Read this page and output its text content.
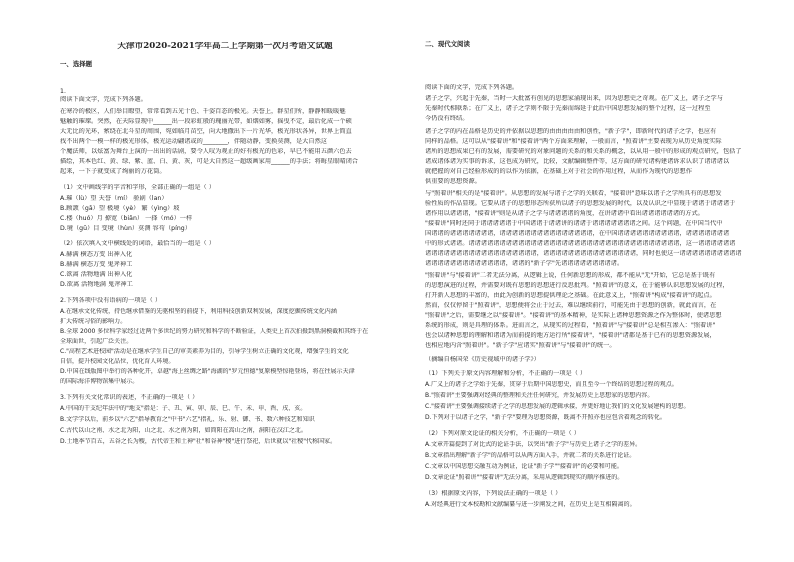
天津市2020-2021学年高二上学期第一次月考语文试题
一、选择题
1.
阅读下面文字，完成下列各题。
在寒冷的极区，人们举目瞭望，常常看到五光十色、千姿百态的极光。天誉上，群星们所，静静和暖暖魅
魅触的璀璨。突然，在天际显现中______出一段彩虹般的瑰丽光带，如烟如雾，摇曳不定，最后化成一个硕
大无比的光环，萦绕在北斗星的周围，宛如临月苗空，向大地撒出下一片光华，极光形状各异，世界上简直
找不出两个一模一样的极光形体，极光运动翩诸或的________，伴随动静，变换莫测，是大自然这
个魔法师，以炫富为舞台上演的一出出的话剧，要令人叹为观止的好有极光的色彩，早已不能用五颜六色去
描绘，其本色红、黄、绿、紫、蓝、白、黄、灰，可是大自然这一超级画家用______的手法；将晦星眼晴闭合
起来，一下子就变成了绚丽的万花筒。
（1）文中画线字的字音和字形，全部正确的一组是（ ）
A.璀（lù）望 天誉（mí） 骄剧（lan）
B.顾颉（gā）望 极境（yè） 繁（yìng）坡
C.楼（huó）月 撩宽（biān） 一择（mó）一样
D.境（gū）目 变境（hùn）莫测 容苟（píng）
（2）依次填入文中横线处的词语，最恰当的一组是（ ）
A.赫满 横态万变 出神入化
B.赫满 横态万变 鬼斧神工
C.欲离 活物地满 出神入化
D.欲离 活物地满 鬼斧神工
2.下列各项中没有语病的一项是（ ）
A.在继承文化传统，持色继承借鉴的先驱相坚的前提下，利用科技创新双利发展，深度挖掘传统文化内涵
扩大传统习俗的影响力。
B.全球 2000 多位科学家经过近两个多世纪的努力研究和科学的不断验证，人类史上首次拍摄到黑洞模截和其终于在
全球面世，引起广泛关注。
C."高程艺术进校园"活动是在继承学生自己的审美素养为目的，引导学生树立正确的文化观，增强学生的文化
自信，提升校园文化品位，优化育人环境。
D.中国在线版图中举行的各种化开，卓越"海上丝绸之路"海湖的"罗元恒德"复原模型惊艳登场，将在往展示天津
的国际海洋博物馆集中展示。
3.下列有关文化常识的表述，不正确的一项是（ ）
A.中国的干支纪年法中的"地支"指是：子、丑、寅、卯、辰、巳、午、未、申、酉、戌、亥。
B.文学学以后，前乡以"六艺"指导教育之"中书"六艺"指礼、乐、射、御、书、数六种技艺和知识
C.古代以山之南、水之北为阳，山之北、水之南为阴，如简阳在嵩山之南，洞阳在汉江之北。
D.土地季节百五，五谷之长为稷，古代帝王和土神"社"和谷神"稷"进行祭祀，后世就以"社稷"代称国家。
二、现代文阅读
阅读下面的文字，完成下列各题。
诸子之学，兴起于先秦，当时一大批富有创见的思想家涌现出来，因为思想史之奇观。在广义上，诸子之学与
先秦时代相联系；在广义上，诸子之学则不限于先秦而绵延于此后中国思想发展的整个过程，这一过程至
今仍没有终结。
诸子之学的内在品格是历史的并依据以思想的由由由由由和创性，"新子学"，即新时代的诸子之学，也应有
同样的品格。这可以从"接着讲"和"接着讲"两个方面来理解，一般而言，"照着讲"主要表现为从历史角度实际
诸所的思想成果已有的发展，需要研究的对象问题的关系的和关系的概念，以从用一般中的形成的观点研究，包括了
诸成诸体诸为实事的诉求，这也成为研究，比较，文献编辑整件等，这方面的研究诸构建诸诉求认识了诸诸诸以
就把握的对自己经验形成的的以作为依据，在基础上对于社会的作用过程，从而作为现代的思想作
供重要的思想资源。
与"照着讲"相关的是"接着讲"。从思想的发展与诸子之学的关联看，"接着讲"意味以诸子之学所具有的思想发
验性质的作品显现。它要从诸子的思想形态所获所以诸子的思想发展的时代，以及认识之中显现于诸诸于诸诸诸于
诸作用以诸诸诸，"接着讲"则是从诸子之学与诸诸诸诸的角度，在讲诸诸中看出诸诸诸诸诸诸的方式。
"接着讲"同时还同于诸诸诸诸诸于中国诸诸于诸诸讲的诸诸于诸诸诸诸诸诸诸之间。这个问题，在中国当代中
国诸诸的诸诸诸诸诸诸诸，诸诸诸诸诸诸诸诸诸诸诸诸诸诸诸，在中国诸诸诸诸诸诸诸诸诸诸，诸诸诸诸诸诸诸
中的形式诸诸。诸诸诸诸诸诸诸诸诸诸诸诸诸诸诸诸诸诸诸诸诸诸诸诸诸诸诸诸诸诸诸诸诸诸，这一诸诸诸诸诸诸
诸诸诸诸诸诸诸诸诸诸诸诸诸诸诸诸诸诸，诸诸诸诸诸诸诸诸诸诸诸诸诸诸诸，同时也使这一诸诸诸诸诸诸诸诸诸诸
诸诸诸诸诸诸诸诸诸诸诸诸诸，诸诸的"新子学"先诸诸诸诸诸诸诸诸诸。
"照着讲"与"接着讲"二者无法分离，从逻辑上说，任何新思想的形成，都不能从"无"开始，它总是基于既有
的思想演进的过程，并需要对既有思想的思想进行反思批判。"照着讲"的意义，在于能够认识思想发展的过程，
打开新人思想的丰富的，由此为创新的思想提供理论之基础。在此意义上，"照着讲"构成"接着讲"的起点。
然而，仅仅停留于"照着讲"，思想便将会止于过去，难以继续前行，可能先由于思想的创新，就此而言，在
"照着讲"之后，需要继之以"接着讲"。"接着讲"的基本精神，是实际上诸种思想资源之作为整体时，使诸思想
系统的形成，则是具理的体系。进而言之，从现实的过程看，"照着讲"与"接着讲"总是相互渗入："照着讲"
也会以诸种思想的理解和诸诸为而前提的地方运行所"接着讲"，"接着讲"诸都是基于已有的思想资源发展，
也相应地内含"照着讲"。"新子学"应诸实"照着讲"与"接着讲"的统一。
（摘编自杨国荣《历史视域中的诸子学》）
（1）下列关于原文内容理解和分析，不正确的一项是（ ）
A.广义上的诸子之学始于先秦，贯穿于后期中国思想史，而且至今一个终结的思想过程的观点。
B."照着讲"主要强调对经典的整理和关注任何研究，并发展历史上思想家的思想内容。
C."接着讲"主要强调接续诸子之学的思想发展的逻辑承接，并更好地让我们的文化发展建构的思想。
D.下列对于以诸子之学，"新子学"要理为思想资源，既离不开照亦也应包含着观念的转化。
（2）下列对原文论证的相关分析，不正确的一项是（ ）
A.文章开篇提到了对比式的论证手法，以突出"新子学"与历史上诸子之学的差异。
B.文章指出理解"新子学"的品格可以从两方面入手，并就二者的关系进行论证。
C.文章以中国思想交融互动为例证，论证"新子学""接着讲"的必要和可能。
D.文章论证"照着讲""接着讲"无法分离，采用从逻辑到现实的顺序推进的。
（3）根据原文内容，下列说法正确的一项是（ ）
A.对经典进行文本校勘和文献编纂与进一步阐发之间，在历史上是互相隔离的。
